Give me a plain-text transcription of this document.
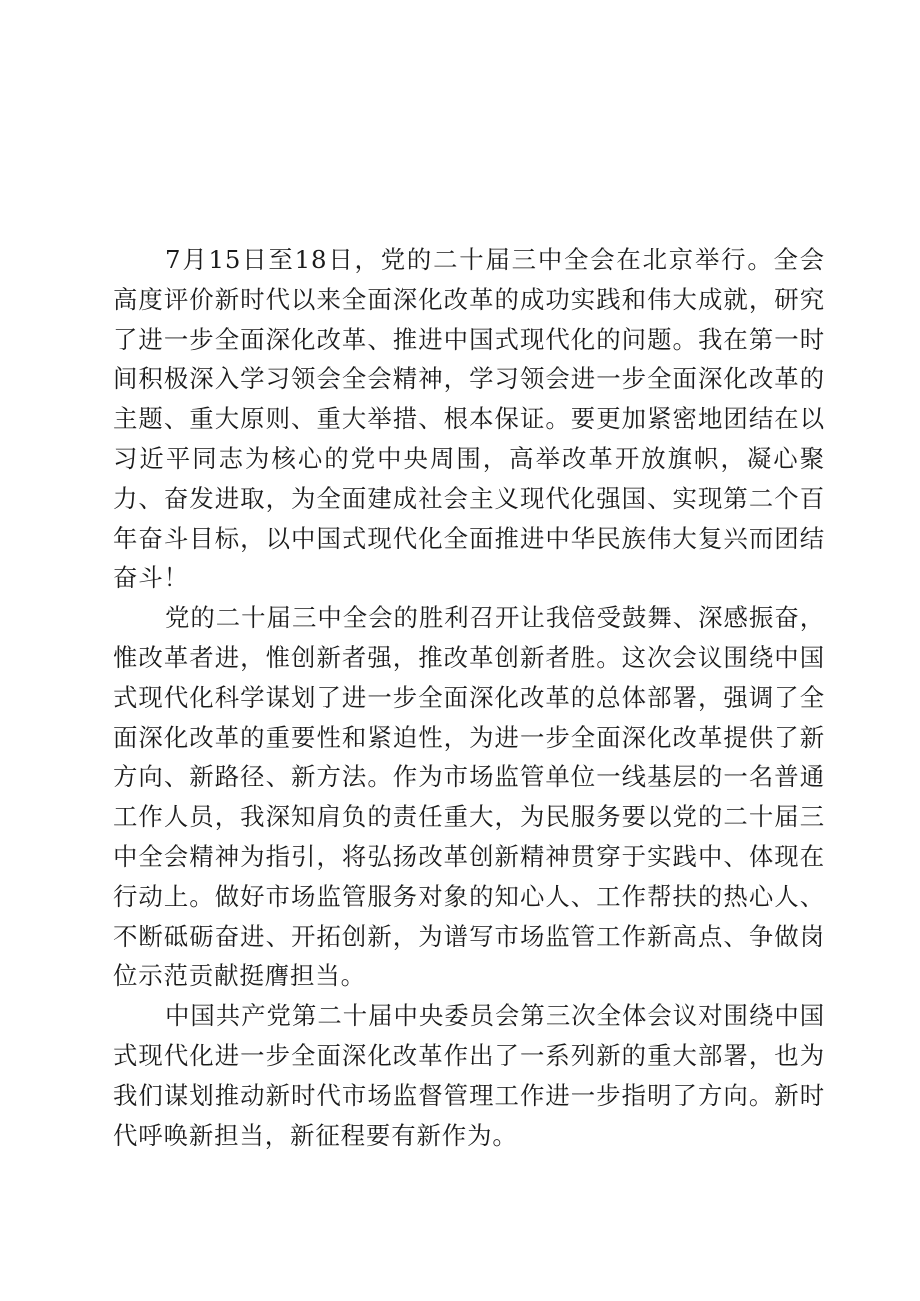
7月15日至18日，党的二十届三中全会在北京举行。全会高度评价新时代以来全面深化改革的成功实践和伟大成就，研究了进一步全面深化改革、推进中国式现代化的问题。我在第一时间积极深入学习领会全会精神，学习领会进一步全面深化改革的主题、重大原则、重大举措、根本保证。要更加紧密地团结在以习近平同志为核心的党中央周围，高举改革开放旗帜，凝心聚力、奋发进取，为全面建成社会主义现代化强国、实现第二个百年奋斗目标，以中国式现代化全面推进中华民族伟大复兴而团结奋斗！

党的二十届三中全会的胜利召开让我倍受鼓舞、深感振奋，惟改革者进，惟创新者强，推改革创新者胜。这次会议围绕中国式现代化科学谋划了进一步全面深化改革的总体部署，强调了全面深化改革的重要性和紧迫性，为进一步全面深化改革提供了新方向、新路径、新方法。作为市场监管单位一线基层的一名普通工作人员，我深知肩负的责任重大，为民服务要以党的二十届三中全会精神为指引，将弘扬改革创新精神贯穿于实践中、体现在行动上。做好市场监管服务对象的知心人、工作帮扶的热心人、不断砥砺奋进、开拓创新，为谱写市场监管工作新高点、争做岗位示范贡献挺膺担当。

中国共产党第二十届中央委员会第三次全体会议对围绕中国式现代化进一步全面深化改革作出了一系列新的重大部署，也为我们谋划推动新时代市场监督管理工作进一步指明了方向。新时代呼唤新担当，新征程要有新作为。
